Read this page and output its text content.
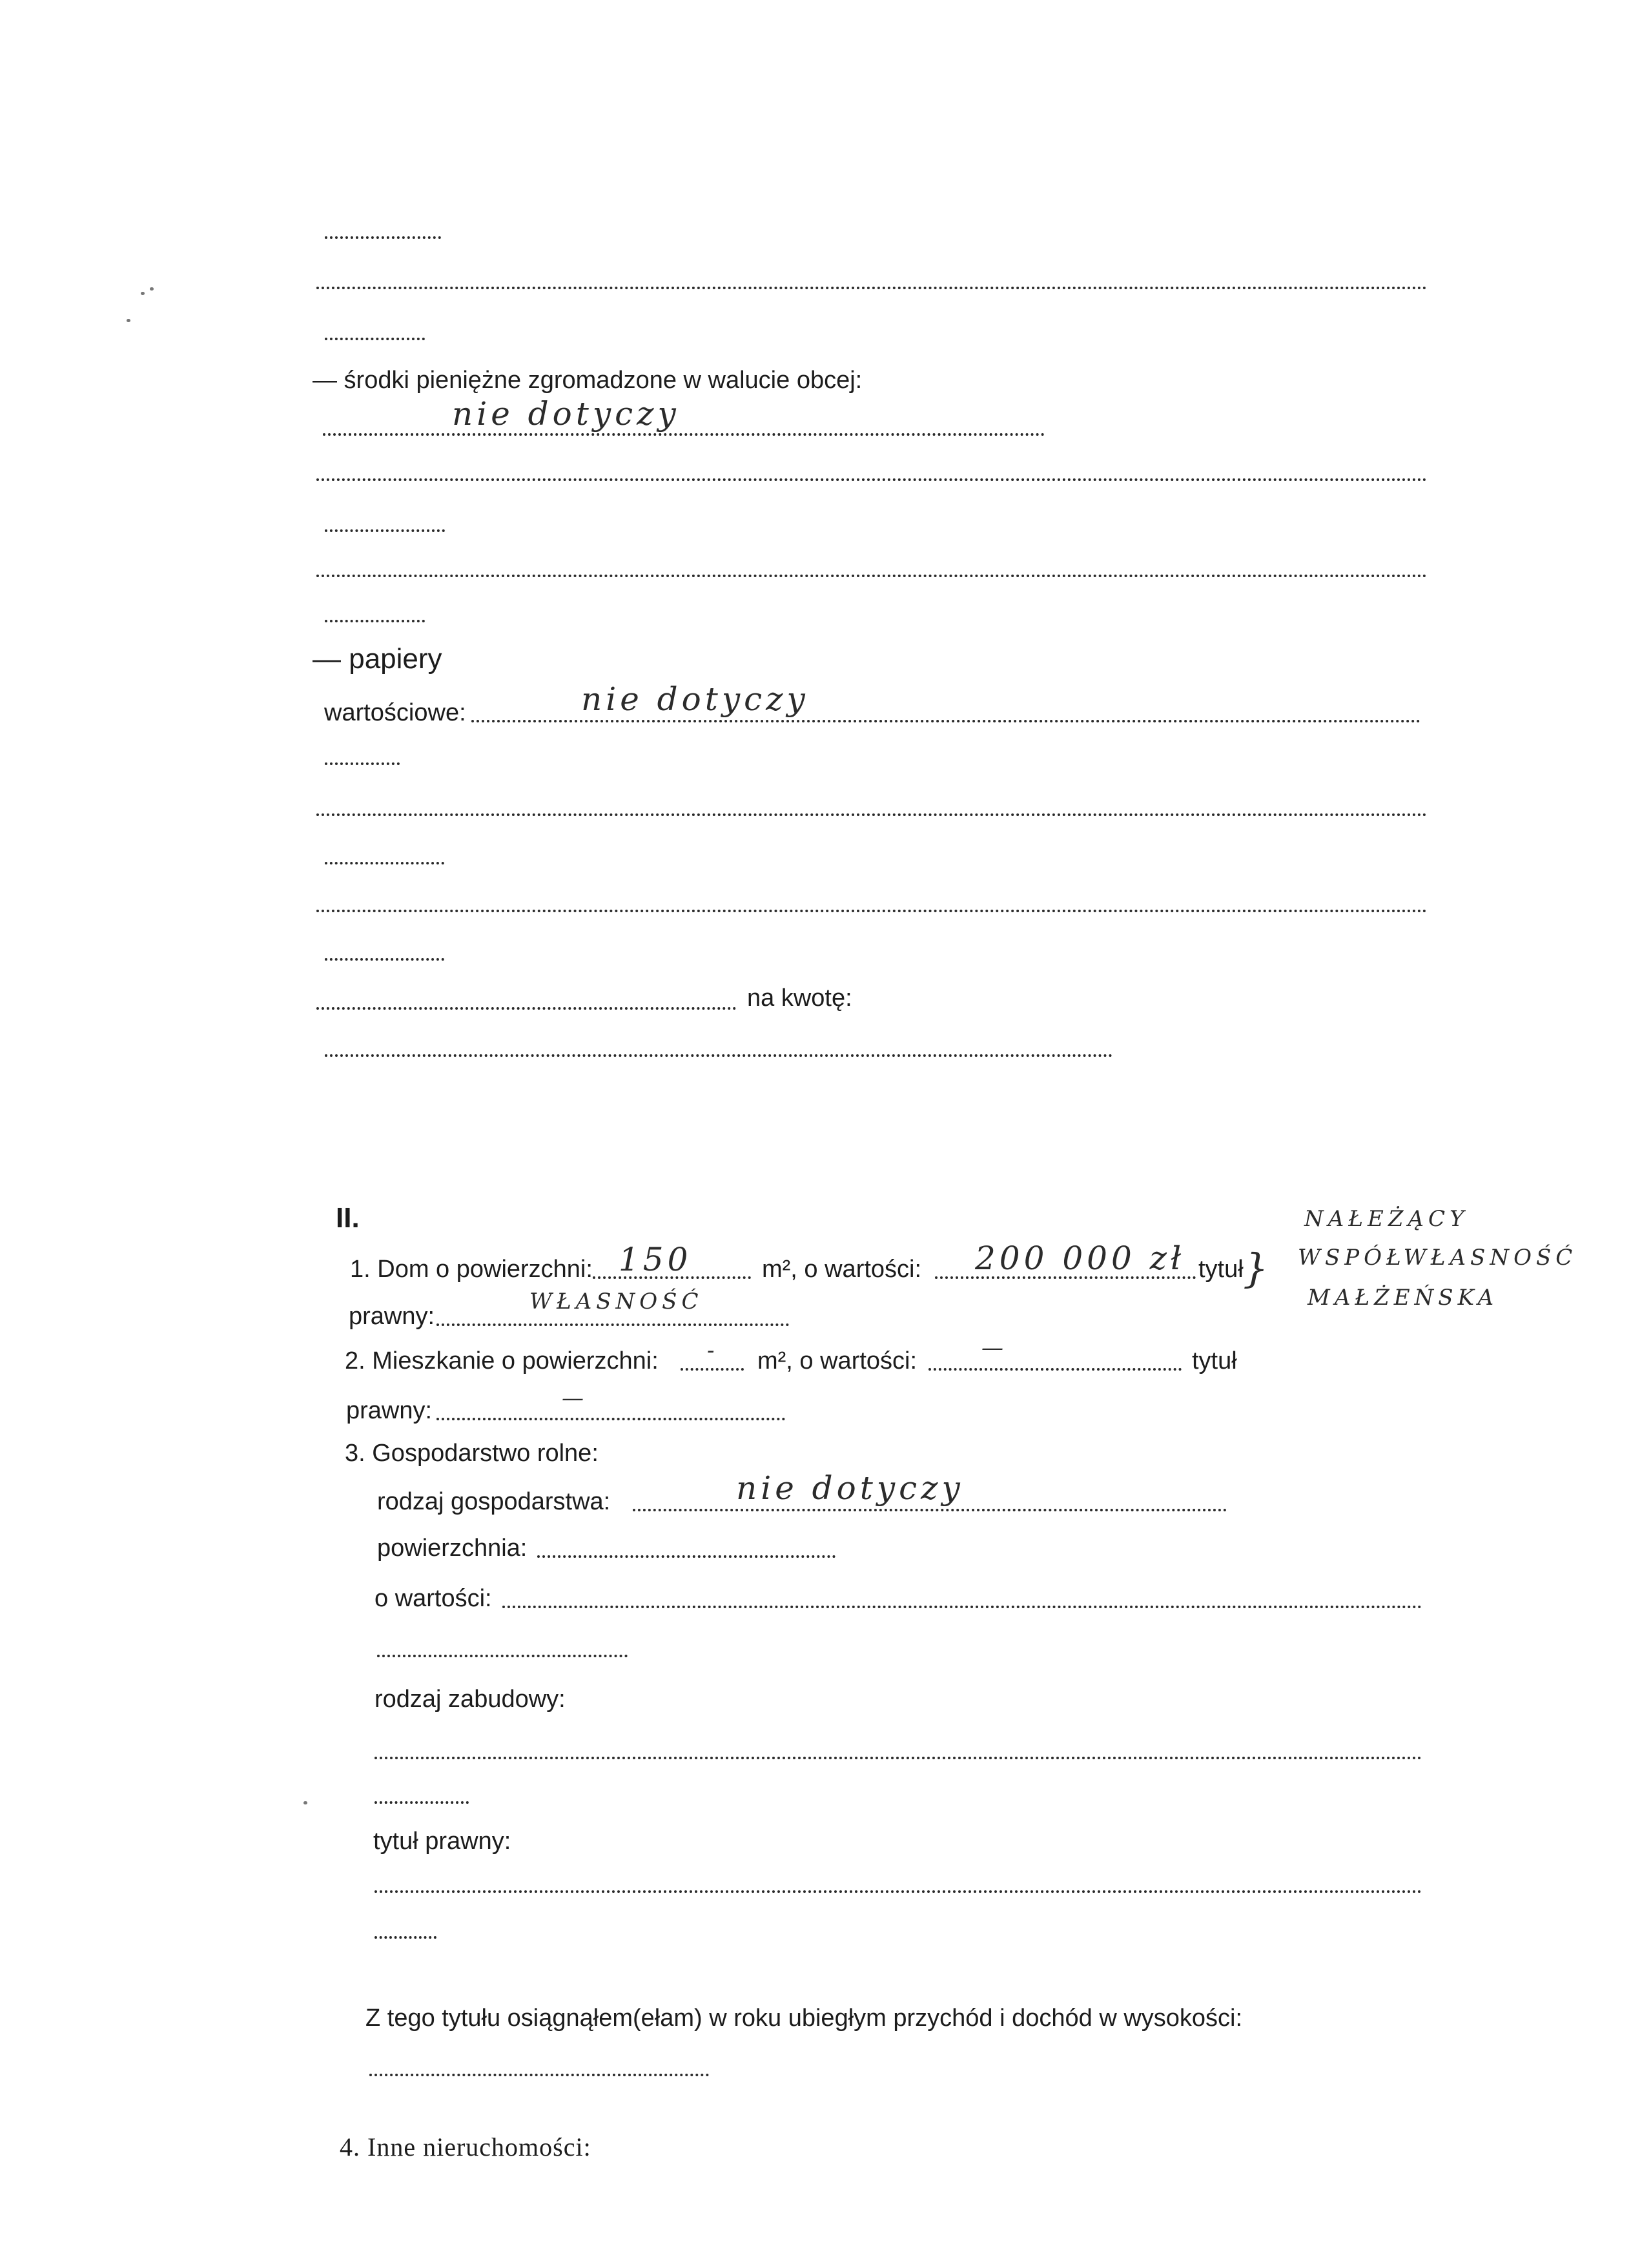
— środki pieniężne zgromadzone w walucie obcej:
nie dotyczy
— papiery
wartościowe:	nie dotyczy
na kwotę:
II.
1. Dom o powierzchni: 150	m², o wartości: 200 000 zł tytuł }
NAŁEŻĄCY
WSPÓŁWŁASNOŚĆ
MAŁŻEŃSKA
prawny:
WŁASNOŚĆ
2. Mieszkanie o powierzchni: - m², o wartości:	—	tytuł
prawny:	—
3. Gospodarstwo rolne:
rodzaj gospodarstwa:	nie dotyczy
powierzchnia:
o wartości:
rodzaj zabudowy:
tytuł prawny:
Z tego tytułu osiągnąłem(ełam) w roku ubiegłym przychód i dochód w wysokości:
4. Inne nieruchomości:
